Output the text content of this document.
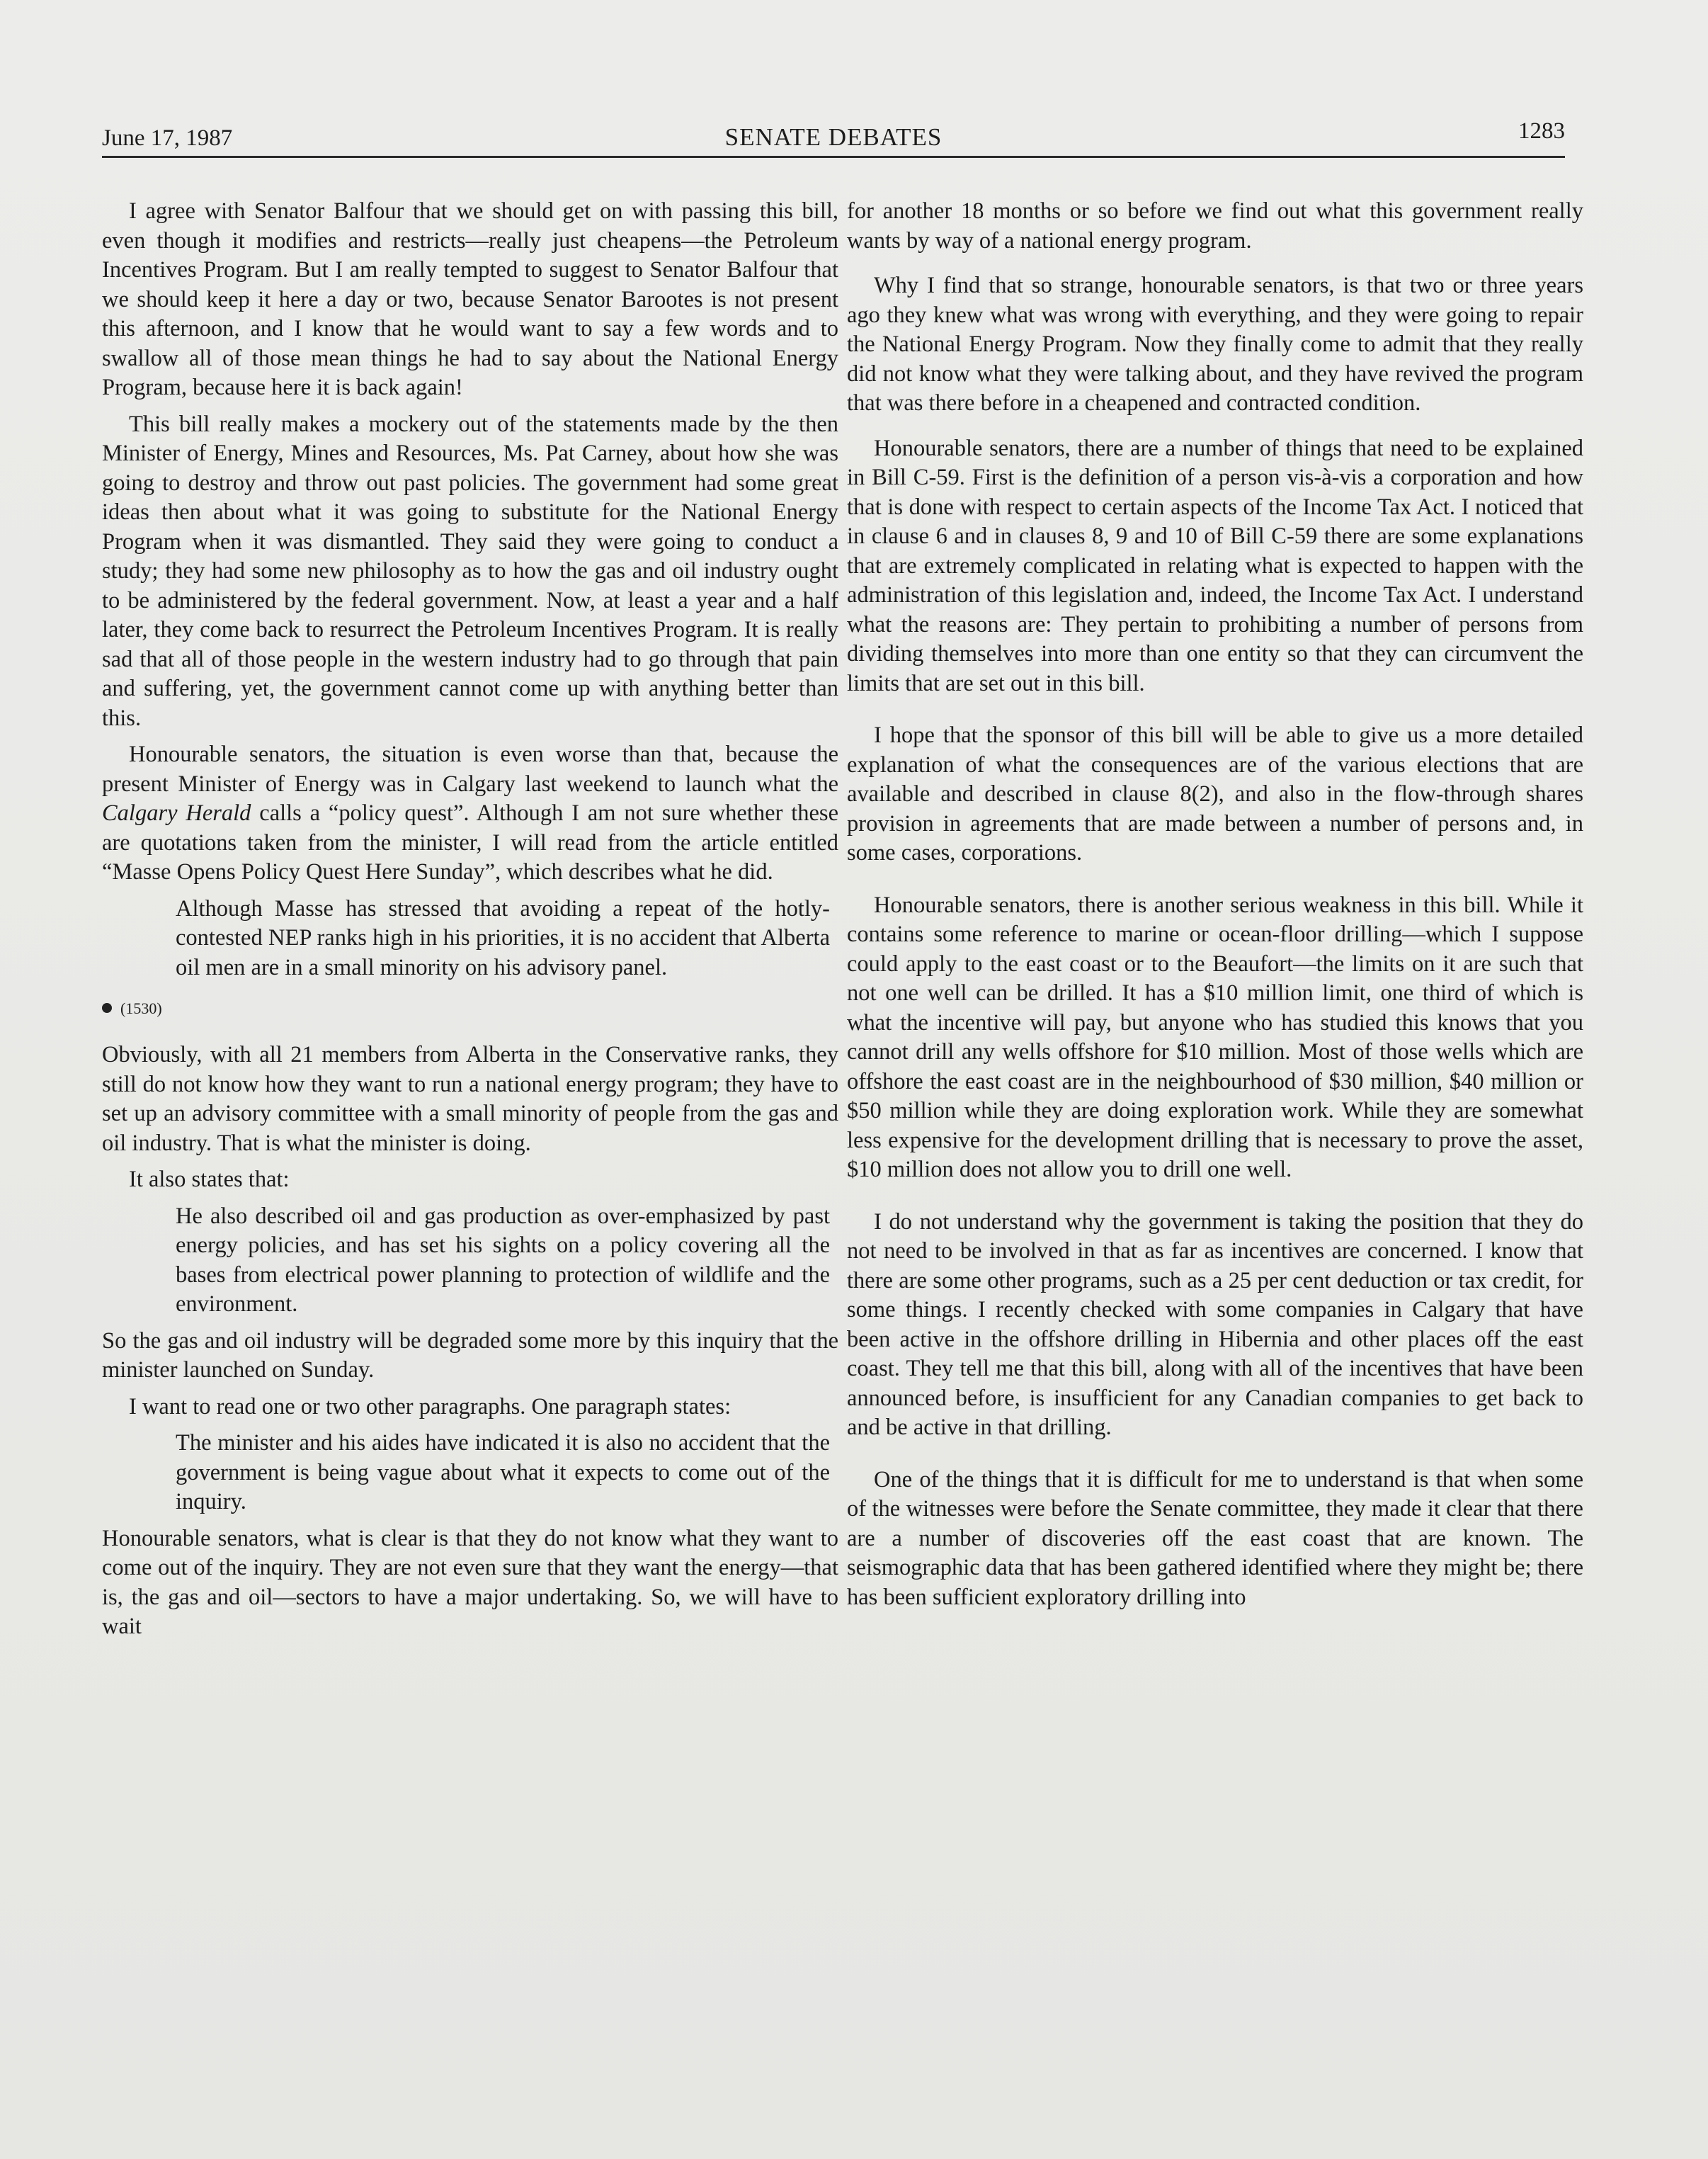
June 17, 1987	SENATE DEBATES	1283

I agree with Senator Balfour that we should get on with passing this bill, even though it modifies and restricts—really just cheapens—the Petroleum Incentives Program. But I am really tempted to suggest to Senator Balfour that we should keep it here a day or two, because Senator Barootes is not present this afternoon, and I know that he would want to say a few words and to swallow all of those mean things he had to say about the National Energy Program, because here it is back again!

This bill really makes a mockery out of the statements made by the then Minister of Energy, Mines and Resources, Ms. Pat Carney, about how she was going to destroy and throw out past policies. The government had some great ideas then about what it was going to substitute for the National Energy Program when it was dismantled. They said they were going to conduct a study; they had some new philosophy as to how the gas and oil industry ought to be administered by the federal government. Now, at least a year and a half later, they come back to resurrect the Petroleum Incentives Program. It is really sad that all of those people in the western industry had to go through that pain and suffering, yet, the government cannot come up with anything better than this.

Honourable senators, the situation is even worse than that, because the present Minister of Energy was in Calgary last weekend to launch what the Calgary Herald calls a “policy quest”. Although I am not sure whether these are quotations taken from the minister, I will read from the article entitled “Masse Opens Policy Quest Here Sunday”, which describes what he did.

Although Masse has stressed that avoiding a repeat of the hotly-contested NEP ranks high in his priorities, it is no accident that Alberta oil men are in a small minority on his advisory panel.

(1530)

Obviously, with all 21 members from Alberta in the Conservative ranks, they still do not know how they want to run a national energy program; they have to set up an advisory committee with a small minority of people from the gas and oil industry. That is what the minister is doing.

It also states that:

He also described oil and gas production as over-emphasized by past energy policies, and has set his sights on a policy covering all the bases from electrical power planning to protection of wildlife and the environment.

So the gas and oil industry will be degraded some more by this inquiry that the minister launched on Sunday.

I want to read one or two other paragraphs. One paragraph states:

The minister and his aides have indicated it is also no accident that the government is being vague about what it expects to come out of the inquiry.

Honourable senators, what is clear is that they do not know what they want to come out of the inquiry. They are not even sure that they want the energy—that is, the gas and oil—sectors to have a major undertaking. So, we will have to wait

for another 18 months or so before we find out what this government really wants by way of a national energy program.

Why I find that so strange, honourable senators, is that two or three years ago they knew what was wrong with everything, and they were going to repair the National Energy Program. Now they finally come to admit that they really did not know what they were talking about, and they have revived the program that was there before in a cheapened and contracted condition.

Honourable senators, there are a number of things that need to be explained in Bill C-59. First is the definition of a person vis-à-vis a corporation and how that is done with respect to certain aspects of the Income Tax Act. I noticed that in clause 6 and in clauses 8, 9 and 10 of Bill C-59 there are some explanations that are extremely complicated in relating what is expected to happen with the administration of this legislation and, indeed, the Income Tax Act. I understand what the reasons are: They pertain to prohibiting a number of persons from dividing themselves into more than one entity so that they can circumvent the limits that are set out in this bill.

I hope that the sponsor of this bill will be able to give us a more detailed explanation of what the consequences are of the various elections that are available and described in clause 8(2), and also in the flow-through shares provision in agreements that are made between a number of persons and, in some cases, corporations.

Honourable senators, there is another serious weakness in this bill. While it contains some reference to marine or ocean-floor drilling—which I suppose could apply to the east coast or to the Beaufort—the limits on it are such that not one well can be drilled. It has a $10 million limit, one third of which is what the incentive will pay, but anyone who has studied this knows that you cannot drill any wells offshore for $10 million. Most of those wells which are offshore the east coast are in the neighbourhood of $30 million, $40 million or $50 million while they are doing exploration work. While they are somewhat less expensive for the development drilling that is necessary to prove the asset, $10 million does not allow you to drill one well.

I do not understand why the government is taking the position that they do not need to be involved in that as far as incentives are concerned. I know that there are some other programs, such as a 25 per cent deduction or tax credit, for some things. I recently checked with some companies in Calgary that have been active in the offshore drilling in Hibernia and other places off the east coast. They tell me that this bill, along with all of the incentives that have been announced before, is insufficient for any Canadian companies to get back to and be active in that drilling.

One of the things that it is difficult for me to understand is that when some of the witnesses were before the Senate committee, they made it clear that there are a number of discoveries off the east coast that are known. The seismographic data that has been gathered identified where they might be; there has been sufficient exploratory drilling into
